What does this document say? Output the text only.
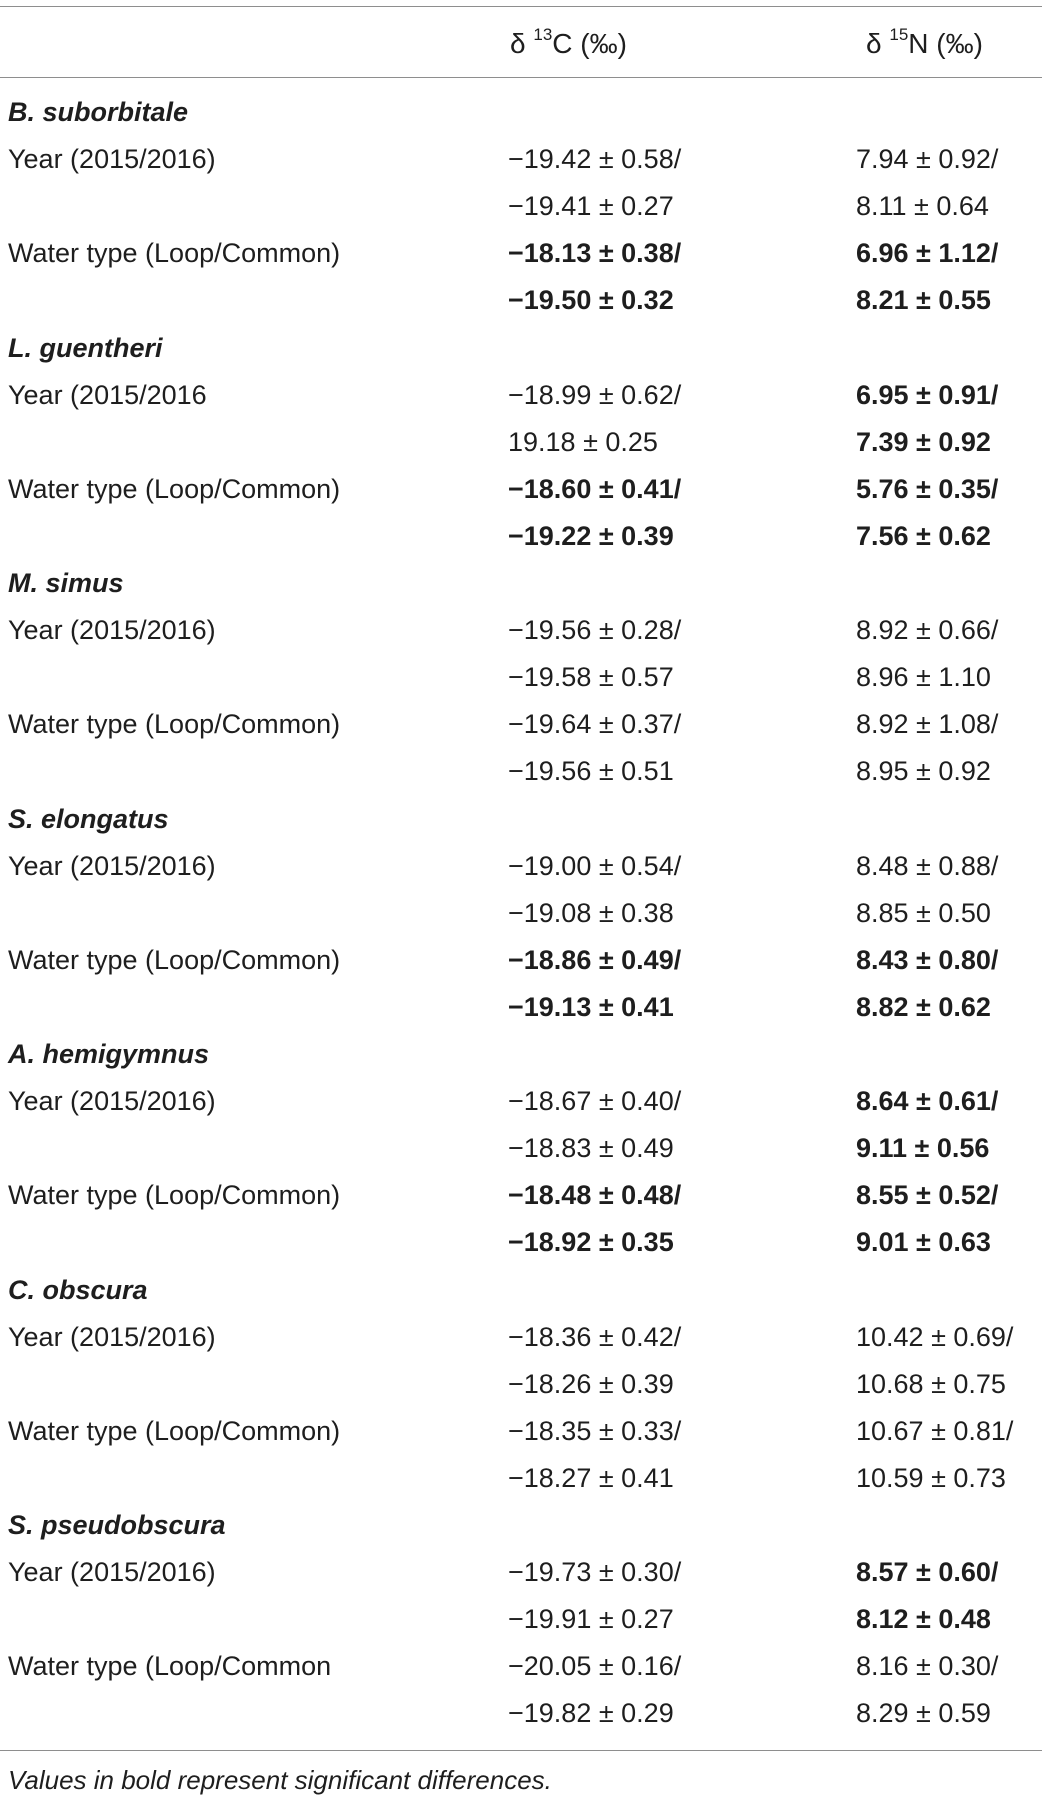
δ $^{13}$C (‰)	δ $^{15}$N (‰)
B. suborbitale
Year (2015/2016)	−19.42 ± 0.58/	7.94 ± 0.92/
−19.41 ± 0.27	8.11 ± 0.64
Water type (Loop/Common)	−18.13 ± 0.38/	6.96 ± 1.12/
−19.50 ± 0.32	8.21 ± 0.55
L. guentheri
Year (2015/2016	−18.99 ± 0.62/	6.95 ± 0.91/
19.18 ± 0.25	7.39 ± 0.92
Water type (Loop/Common)	−18.60 ± 0.41/	5.76 ± 0.35/
−19.22 ± 0.39	7.56 ± 0.62
M. simus
Year (2015/2016)	−19.56 ± 0.28/	8.92 ± 0.66/
−19.58 ± 0.57	8.96 ± 1.10
Water type (Loop/Common)	−19.64 ± 0.37/	8.92 ± 1.08/
−19.56 ± 0.51	8.95 ± 0.92
S. elongatus
Year (2015/2016)	−19.00 ± 0.54/	8.48 ± 0.88/
−19.08 ± 0.38	8.85 ± 0.50
Water type (Loop/Common)	−18.86 ± 0.49/	8.43 ± 0.80/
−19.13 ± 0.41	8.82 ± 0.62
A. hemigymnus
Year (2015/2016)	−18.67 ± 0.40/	8.64 ± 0.61/
−18.83 ± 0.49	9.11 ± 0.56
Water type (Loop/Common)	−18.48 ± 0.48/	8.55 ± 0.52/
−18.92 ± 0.35	9.01 ± 0.63
C. obscura
Year (2015/2016)	−18.36 ± 0.42/	10.42 ± 0.69/
−18.26 ± 0.39	10.68 ± 0.75
Water type (Loop/Common)	−18.35 ± 0.33/	10.67 ± 0.81/
−18.27 ± 0.41	10.59 ± 0.73
S. pseudobscura
Year (2015/2016)	−19.73 ± 0.30/	8.57 ± 0.60/
−19.91 ± 0.27	8.12 ± 0.48
Water type (Loop/Common	−20.05 ± 0.16/	8.16 ± 0.30/
−19.82 ± 0.29	8.29 ± 0.59
Values in bold represent significant differences.
